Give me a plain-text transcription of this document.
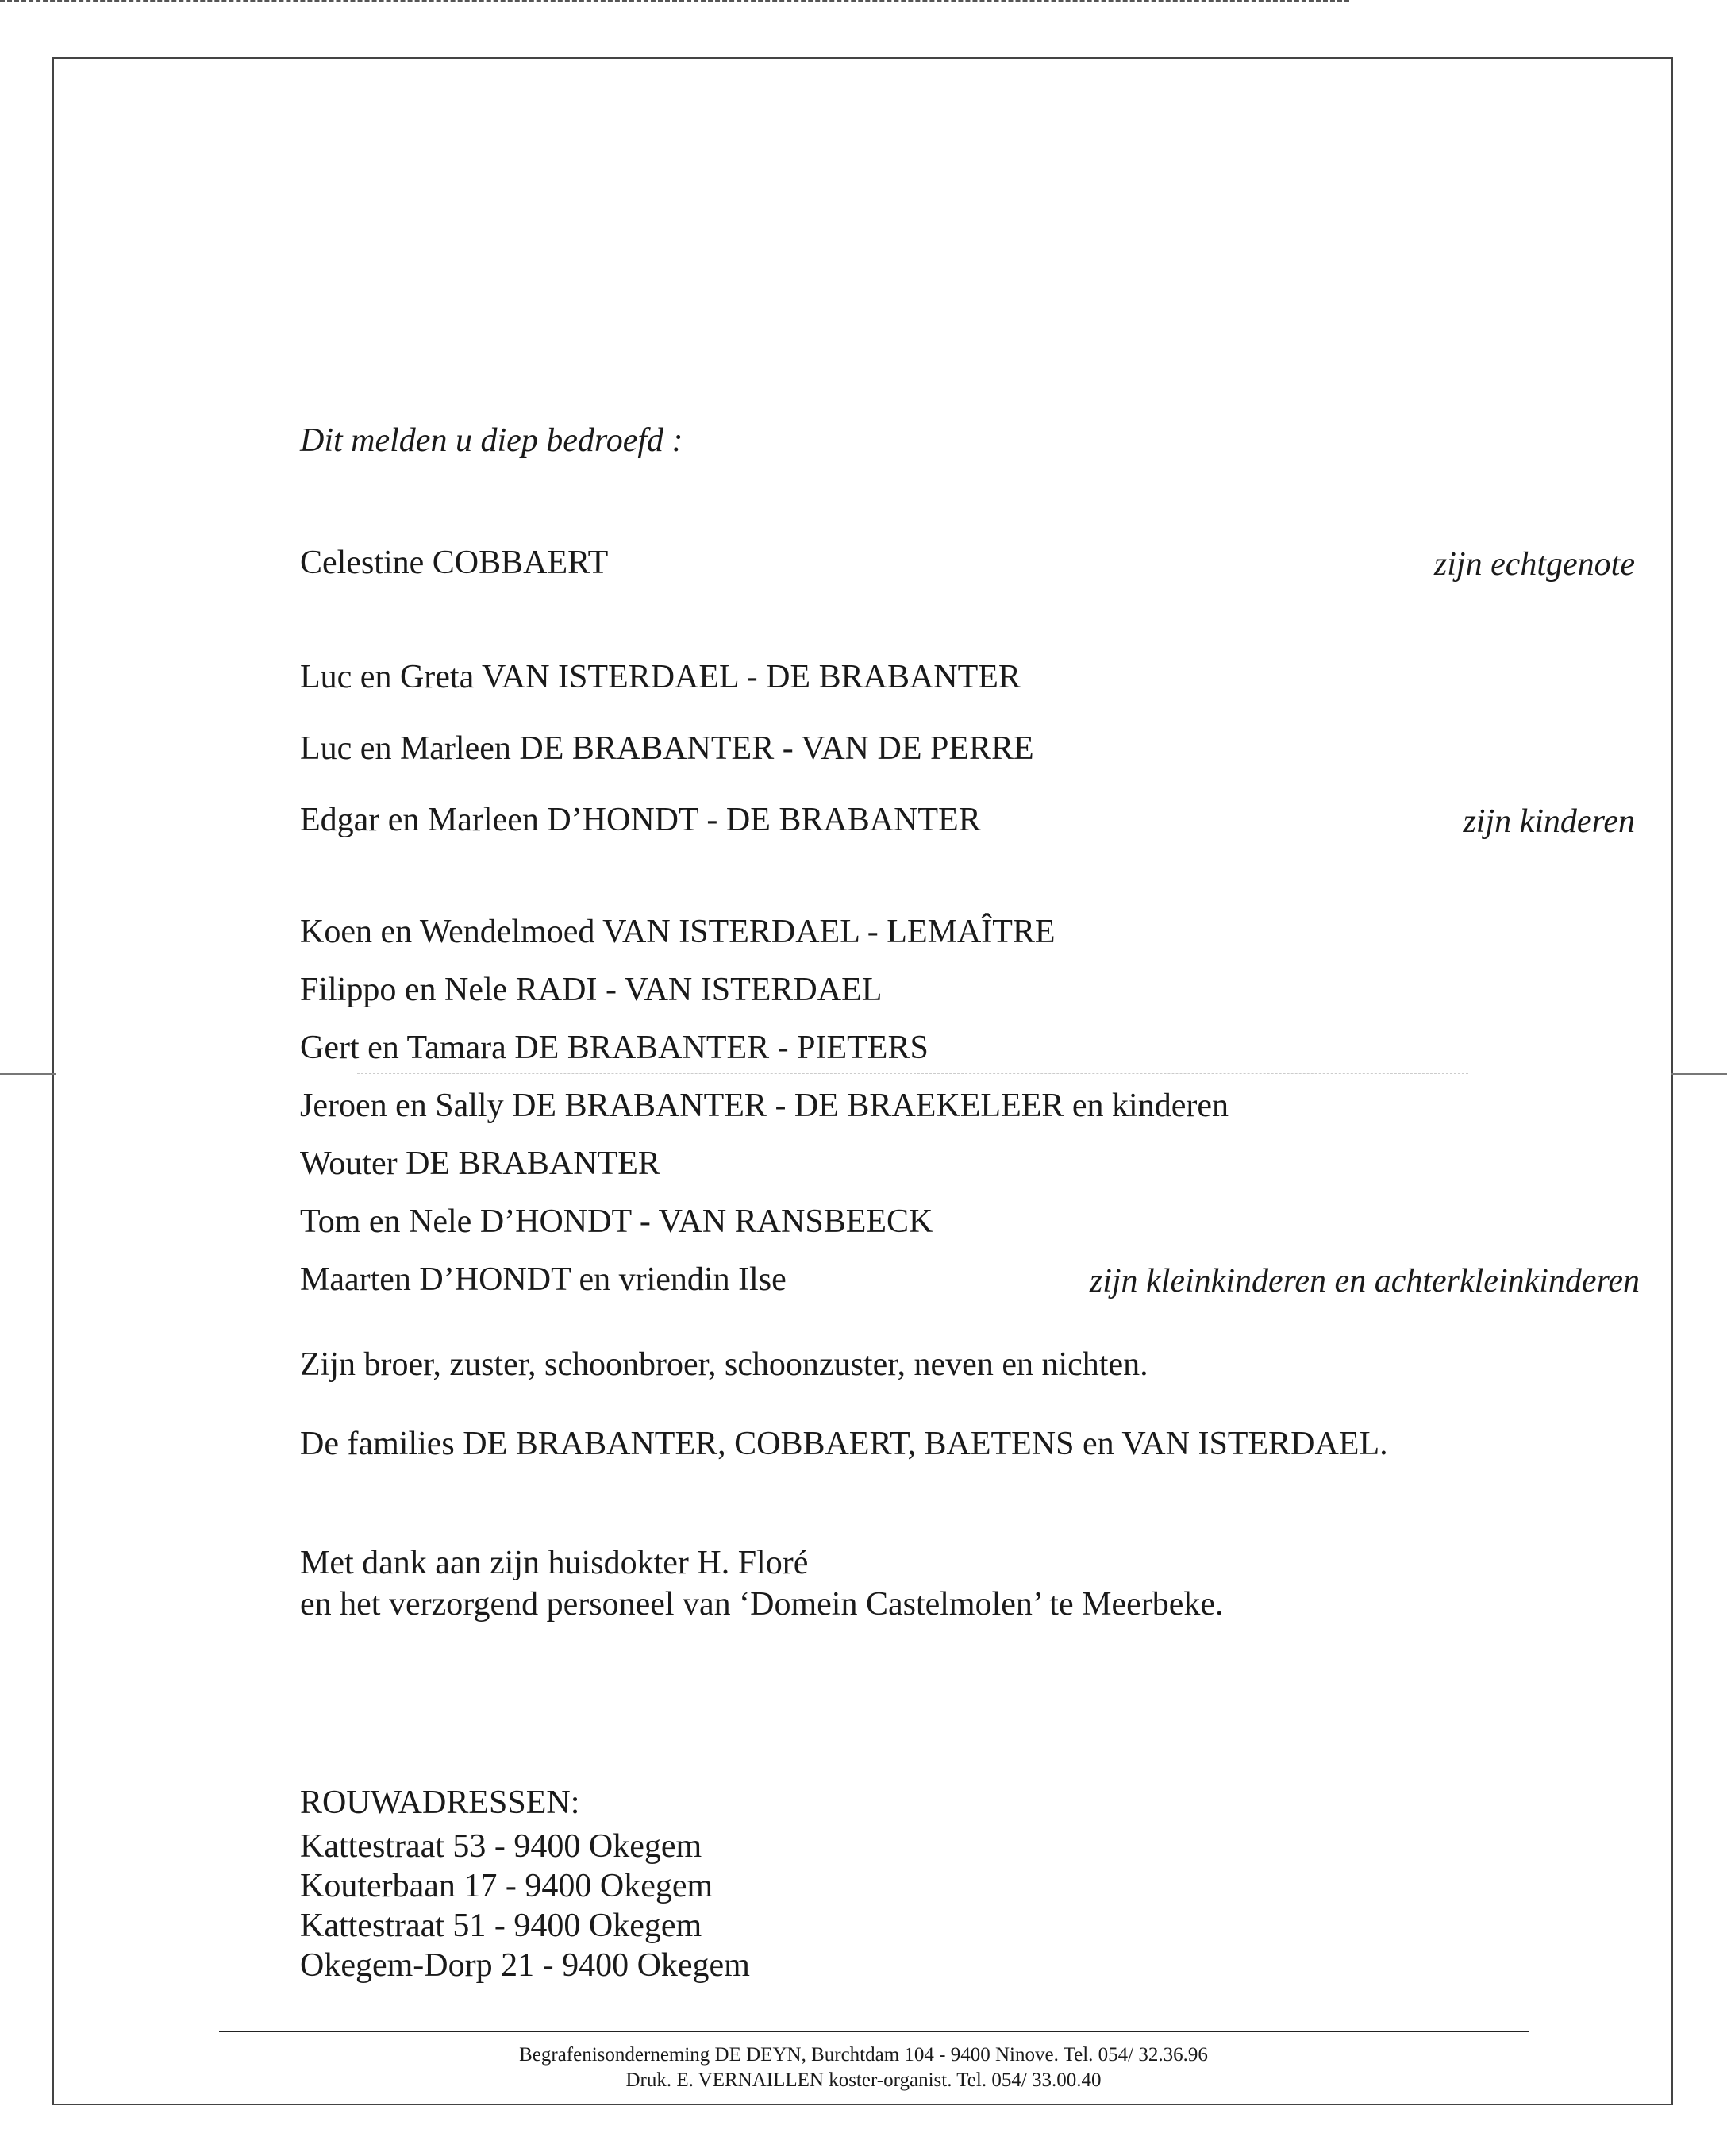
Dit melden u diep bedroefd :
Celestine COBBAERT	zijn echtgenote
Luc en Greta VAN ISTERDAEL - DE BRABANTER
Luc en Marleen DE BRABANTER - VAN DE PERRE
Edgar en Marleen D’HONDT - DE BRABANTER	zijn kinderen
Koen en Wendelmoed VAN ISTERDAEL - LEMAÎTRE
Filippo en Nele RADI - VAN ISTERDAEL
Gert en Tamara DE BRABANTER - PIETERS
Jeroen en Sally DE BRABANTER - DE BRAEKELEER en kinderen
Wouter DE BRABANTER
Tom en Nele D’HONDT - VAN RANSBEECK
Maarten D’HONDT en vriendin Ilse	zijn kleinkinderen en achterkleinkinderen
Zijn broer, zuster, schoonbroer, schoonzuster, neven en nichten.
De families DE BRABANTER, COBBAERT, BAETENS en VAN ISTERDAEL.
Met dank aan zijn huisdokter H. Floré
en het verzorgend personeel van ‘Domein Castelmolen’ te Meerbeke.
ROUWADRESSEN:
Kattestraat 53 - 9400 Okegem
Kouterbaan 17 - 9400 Okegem
Kattestraat 51 - 9400 Okegem
Okegem-Dorp 21 - 9400 Okegem
Begrafenisonderneming DE DEYN, Burchtdam 104 - 9400 Ninove. Tel. 054/ 32.36.96
Druk. E. VERNAILLEN koster-organist. Tel. 054/ 33.00.40
